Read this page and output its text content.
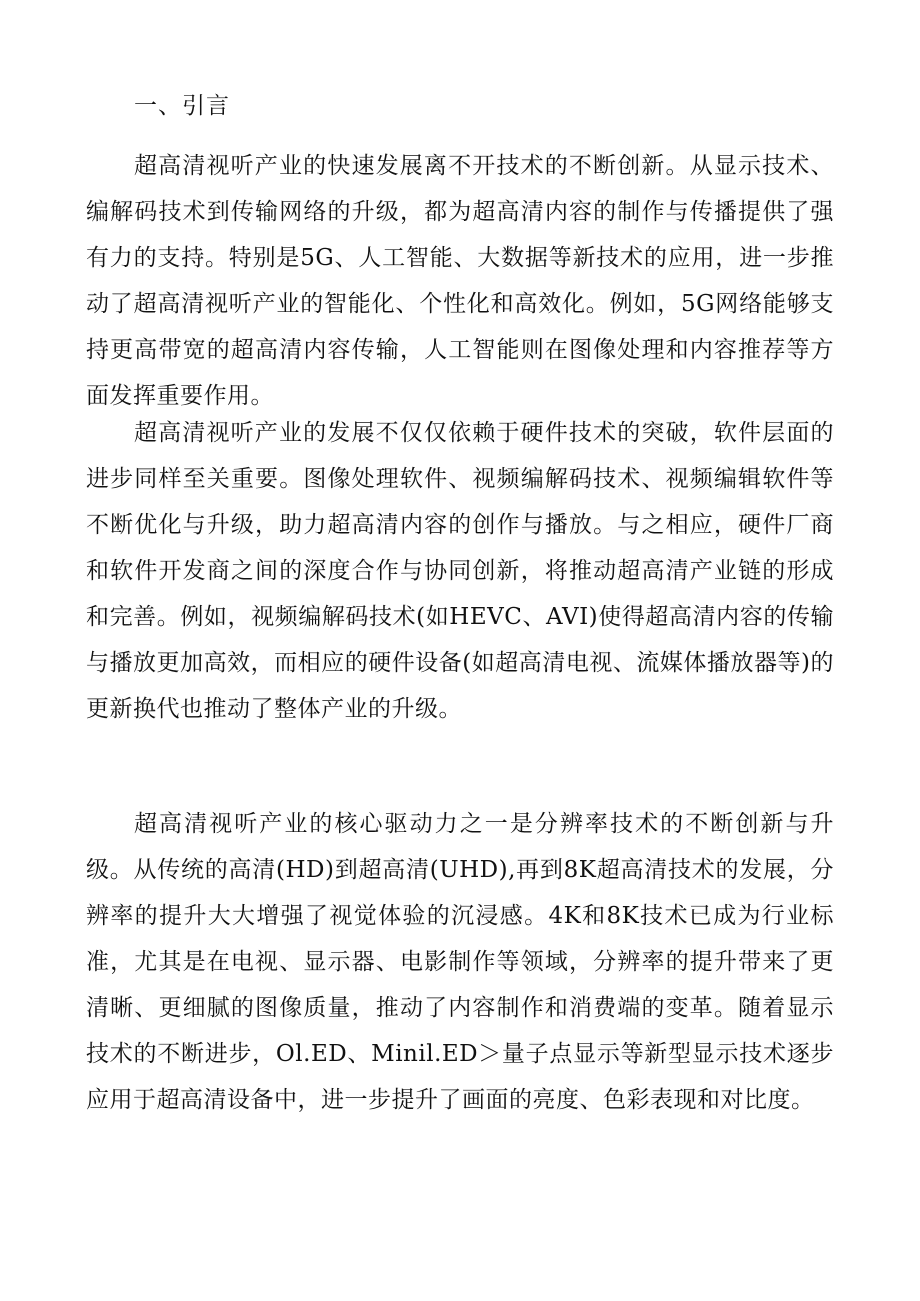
一、引言

超高清视听产业的快速发展离不开技术的不断创新。从显示技术、编解码技术到传输网络的升级，都为超高清内容的制作与传播提供了强有力的支持。特别是5G、人工智能、大数据等新技术的应用，进一步推动了超高清视听产业的智能化、个性化和高效化。例如，5G网络能够支持更高带宽的超高清内容传输，人工智能则在图像处理和内容推荐等方面发挥重要作用。

超高清视听产业的发展不仅仅依赖于硬件技术的突破，软件层面的进步同样至关重要。图像处理软件、视频编解码技术、视频编辑软件等不断优化与升级，助力超高清内容的创作与播放。与之相应，硬件厂商和软件开发商之间的深度合作与协同创新，将推动超高清产业链的形成和完善。例如，视频编解码技术(如HEVC、AVI)使得超高清内容的传输与播放更加高效，而相应的硬件设备(如超高清电视、流媒体播放器等)的更新换代也推动了整体产业的升级。

超高清视听产业的核心驱动力之一是分辨率技术的不断创新与升级。从传统的高清(HD)到超高清(UHD),再到8K超高清技术的发展，分辨率的提升大大增强了视觉体验的沉浸感。4K和8K技术已成为行业标准，尤其是在电视、显示器、电影制作等领域，分辨率的提升带来了更清晰、更细腻的图像质量，推动了内容制作和消费端的变革。随着显示技术的不断进步，Ol.ED、Minil.ED＞量子点显示等新型显示技术逐步应用于超高清设备中，进一步提升了画面的亮度、色彩表现和对比度。
